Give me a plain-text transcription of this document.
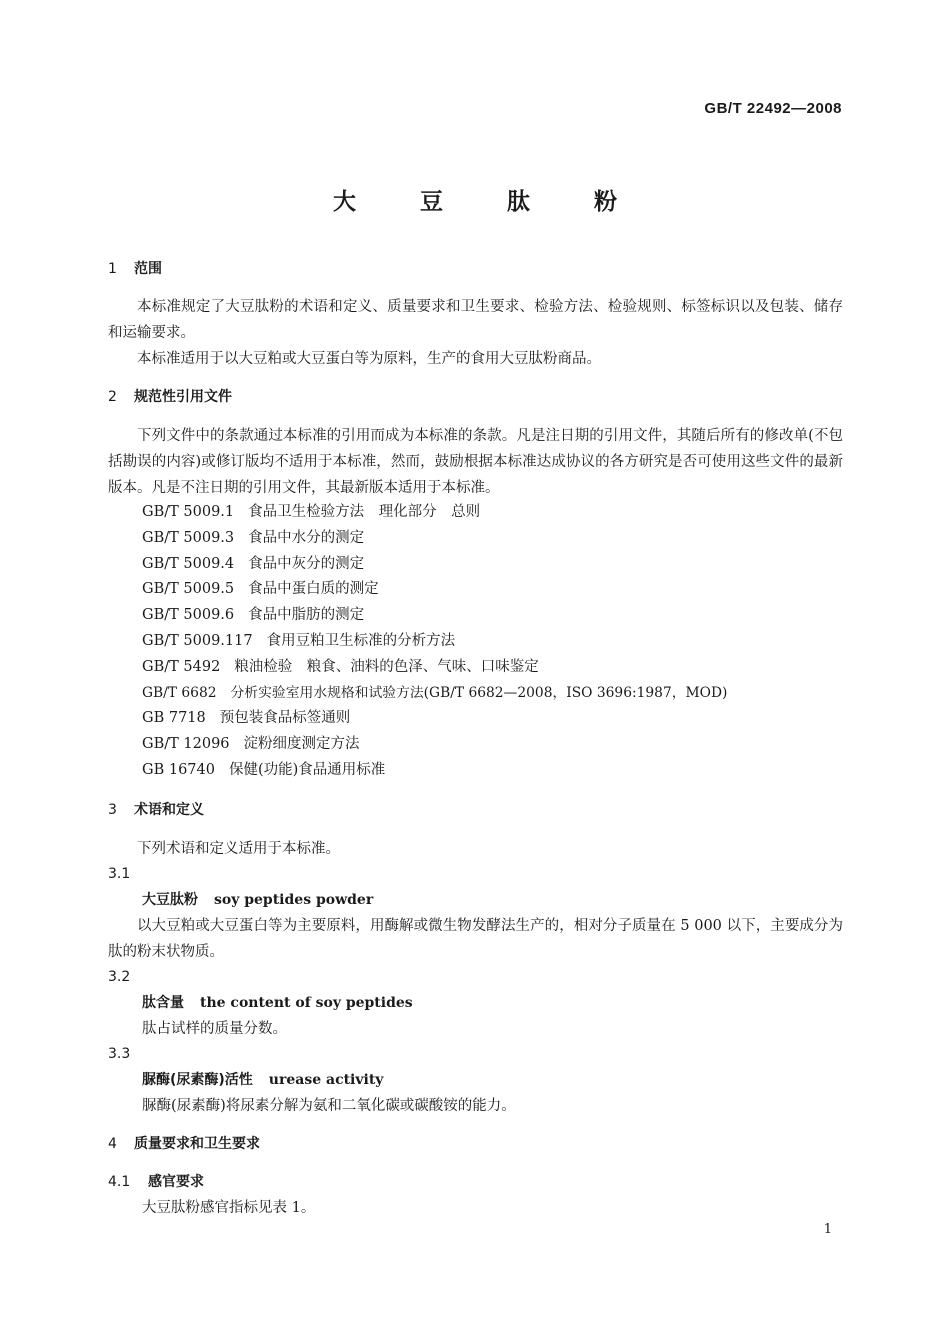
GB/T 22492—2008
大 豆 肽 粉
1 范围
本标准规定了大豆肽粉的术语和定义、质量要求和卫生要求、检验方法、检验规则、标签标识以及包装、储存和运输要求。
本标准适用于以大豆粕或大豆蛋白等为原料，生产的食用大豆肽粉商品。
2 规范性引用文件
下列文件中的条款通过本标准的引用而成为本标准的条款。凡是注日期的引用文件，其随后所有的修改单(不包括勘误的内容)或修订版均不适用于本标准，然而，鼓励根据本标准达成协议的各方研究是否可使用这些文件的最新版本。凡是不注日期的引用文件，其最新版本适用于本标准。
GB/T 5009.1 食品卫生检验方法　理化部分　总则
GB/T 5009.3 食品中水分的测定
GB/T 5009.4 食品中灰分的测定
GB/T 5009.5 食品中蛋白质的测定
GB/T 5009.6 食品中脂肪的测定
GB/T 5009.117 食用豆粕卫生标准的分析方法
GB/T 5492 粮油检验　粮食、油料的色泽、气味、口味鉴定
GB/T 6682 分析实验室用水规格和试验方法(GB/T 6682—2008，ISO 3696:1987，MOD)
GB 7718 预包装食品标签通则
GB/T 12096 淀粉细度测定方法
GB 16740 保健(功能)食品通用标准
3 术语和定义
下列术语和定义适用于本标准。
3.1
大豆肽粉 soy peptides powder
以大豆粕或大豆蛋白等为主要原料，用酶解或微生物发酵法生产的，相对分子质量在 5 000 以下，主要成分为肽的粉末状物质。
3.2
肽含量 the content of soy peptides
肽占试样的质量分数。
3.3
脲酶(尿素酶)活性 urease activity
脲酶(尿素酶)将尿素分解为氨和二氧化碳或碳酸铵的能力。
4 质量要求和卫生要求
4.1 感官要求
大豆肽粉感官指标见表 1。
1
